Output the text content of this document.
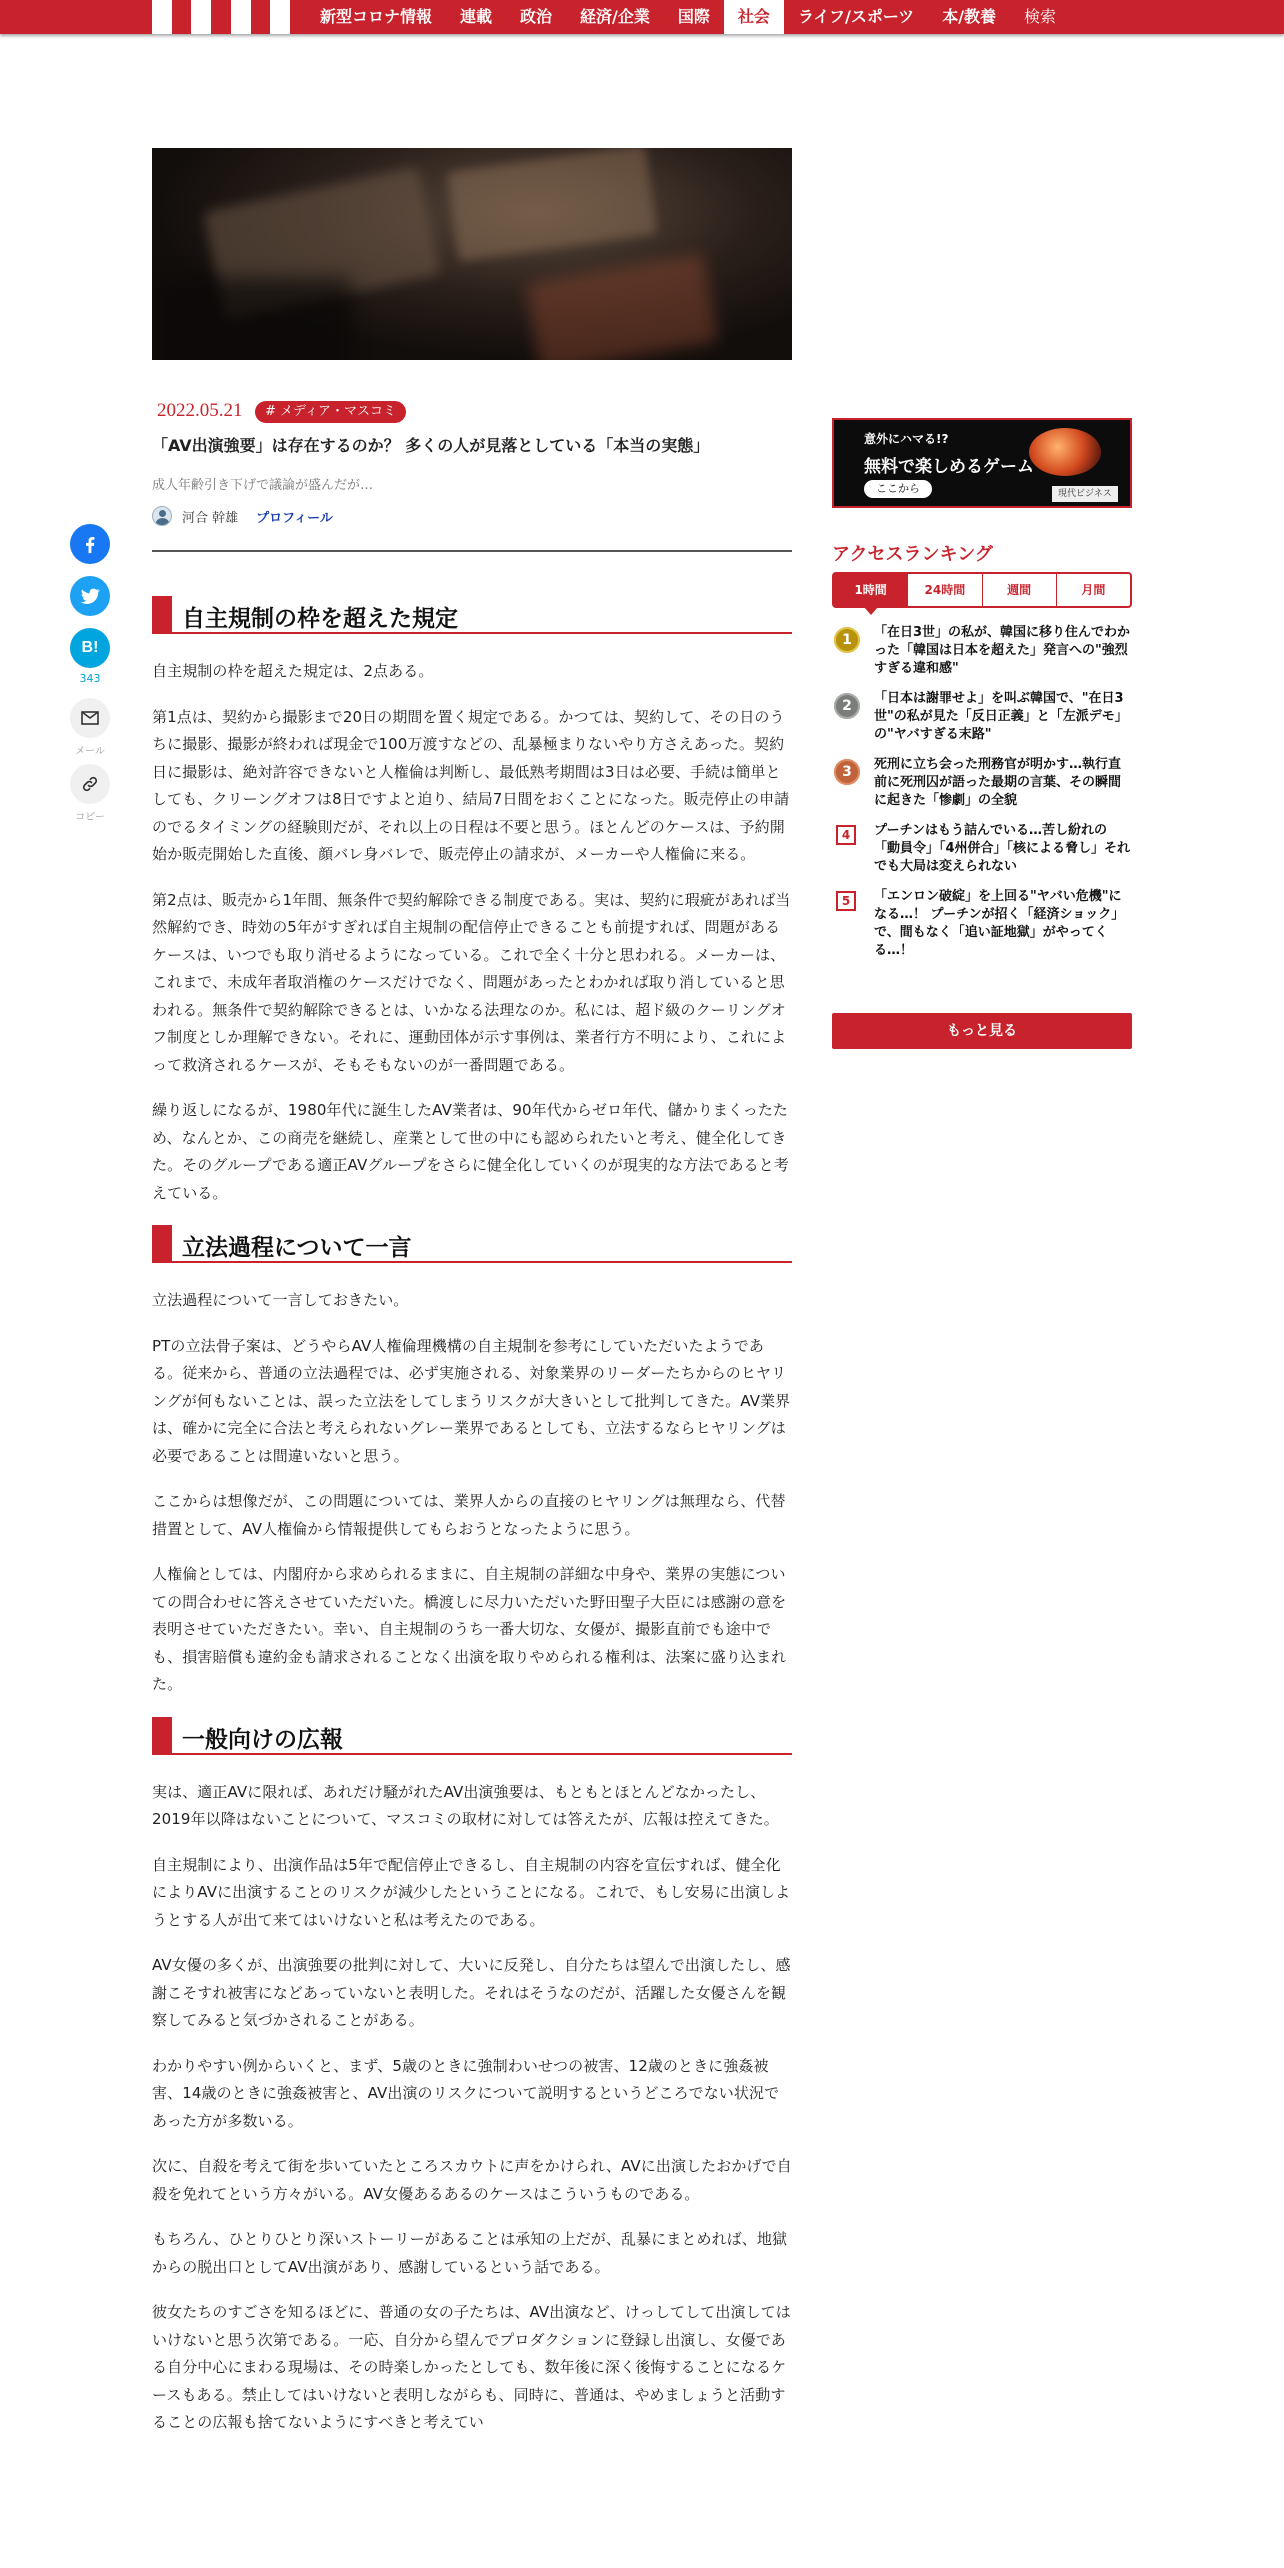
新型コロナ情報	連載	政治	経済/企業	国際	社会	ライフ/スポーツ	本/教養	検索
2022.05.21	# メディア・マスコミ
「AV出演強要」は存在するのか？ 多くの人が見落としている「本当の実態」
成人年齢引き下げで議論が盛んだが…
河合 幹雄 プロフィール
B!
343
メール
コピー
自主規制の枠を超えた規定
自主規制の枠を超えた規定は、2点ある。
第1点は、契約から撮影まで20日の期間を置く規定である。かつては、契約して、その日のうちに撮影、撮影が終われば現金で100万渡すなどの、乱暴極まりないやり方さえあった。契約日に撮影は、絶対許容できないと人権倫は判断し、最低熟考期間は3日は必要、手続は簡単としても、クリーングオフは8日ですよと迫り、結局7日間をおくことになった。販売停止の申請のでるタイミングの経験則だが、それ以上の日程は不要と思う。ほとんどのケースは、予約開始か販売開始した直後、顔バレ身バレで、販売停止の請求が、メーカーや人権倫に来る。
第2点は、販売から1年間、無条件で契約解除できる制度である。実は、契約に瑕疵があれば当然解約でき、時効の5年がすぎれば自主規制の配信停止できることも前提すれば、問題があるケースは、いつでも取り消せるようになっている。これで全く十分と思われる。メーカーは、これまで、未成年者取消権のケースだけでなく、問題があったとわかれば取り消していると思われる。無条件で契約解除できるとは、いかなる法理なのか。私には、超ド級のクーリングオフ制度としか理解できない。それに、運動団体が示す事例は、業者行方不明により、これによって救済されるケースが、そもそもないのが一番問題である。
繰り返しになるが、1980年代に誕生したAV業者は、90年代からゼロ年代、儲かりまくったため、なんとか、この商売を継続し、産業として世の中にも認められたいと考え、健全化してきた。そのグループである適正AVグループをさらに健全化していくのが現実的な方法であると考えている。
立法過程について一言
立法過程について一言しておきたい。
PTの立法骨子案は、どうやらAV人権倫理機構の自主規制を参考にしていただいたようである。従来から、普通の立法過程では、必ず実施される、対象業界のリーダーたちからのヒヤリングが何もないことは、誤った立法をしてしまうリスクが大きいとして批判してきた。AV業界は、確かに完全に合法と考えられないグレー業界であるとしても、立法するならヒヤリングは必要であることは間違いないと思う。
ここからは想像だが、この問題については、業界人からの直接のヒヤリングは無理なら、代替措置として、AV人権倫から情報提供してもらおうとなったように思う。
人権倫としては、内閣府から求められるままに、自主規制の詳細な中身や、業界の実態についての問合わせに答えさせていただいた。橋渡しに尽力いただいた野田聖子大臣には感謝の意を表明させていただきたい。幸い、自主規制のうち一番大切な、女優が、撮影直前でも途中でも、損害賠償も違約金も請求されることなく出演を取りやめられる権利は、法案に盛り込まれた。
一般向けの広報
実は、適正AVに限れば、あれだけ騒がれたAV出演強要は、もともとほとんどなかったし、2019年以降はないことについて、マスコミの取材に対しては答えたが、広報は控えてきた。
自主規制により、出演作品は5年で配信停止できるし、自主規制の内容を宣伝すれば、健全化によりAVに出演することのリスクが減少したということになる。これで、もし安易に出演しようとする人が出て来てはいけないと私は考えたのである。
AV女優の多くが、出演強要の批判に対して、大いに反発し、自分たちは望んで出演したし、感謝こそすれ被害になどあっていないと表明した。それはそうなのだが、活躍した女優さんを観察してみると気づかされることがある。
わかりやすい例からいくと、まず、5歳のときに強制わいせつの被害、12歳のときに強姦被害、14歳のときに強姦被害と、AV出演のリスクについて説明するというどころでない状況であった方が多数いる。
次に、自殺を考えて街を歩いていたところスカウトに声をかけられ、AVに出演したおかげで自殺を免れてという方々がいる。AV女優あるあるのケースはこういうものである。
もちろん、ひとりひとり深いストーリーがあることは承知の上だが、乱暴にまとめれば、地獄からの脱出口としてAV出演があり、感謝しているという話である。
彼女たちのすごさを知るほどに、普通の女の子たちは、AV出演など、けっしてして出演してはいけないと思う次第である。一応、自分から望んでプロダクションに登録し出演し、女優である自分中心にまわる現場は、その時楽しかったとしても、数年後に深く後悔することになるケースもある。禁止してはいけないと表明しながらも、同時に、普通は、やめましょうと活動することの広報も捨てないようにすべきと考えてい
意外にハマる!?
無料で楽しめるゲーム
ここから	現代ビジネス
アクセスランキング
1時間	24時間	週間	月間
1	「在日3世」の私が、韓国に移り住んでわかった「韓国は日本を超えた」発言への"強烈すぎる違和感"
2	「日本は謝罪せよ」を叫ぶ韓国で、"在日3世"の私が見た「反日正義」と「左派デモ」の"ヤバすぎる末路"
3	死刑に立ち会った刑務官が明かす…執行直前に死刑囚が語った最期の言葉、その瞬間に起きた「惨劇」の全貌
4	プーチンはもう詰んでいる…苦し紛れの「動員令」「4州併合」「核による脅し」それでも大局は変えられない
5	「エンロン破綻」を上回る"ヤバい危機"になる…！ プーチンが招く「経済ショック」で、間もなく「追い証地獄」がやってくる…！
もっと見る
